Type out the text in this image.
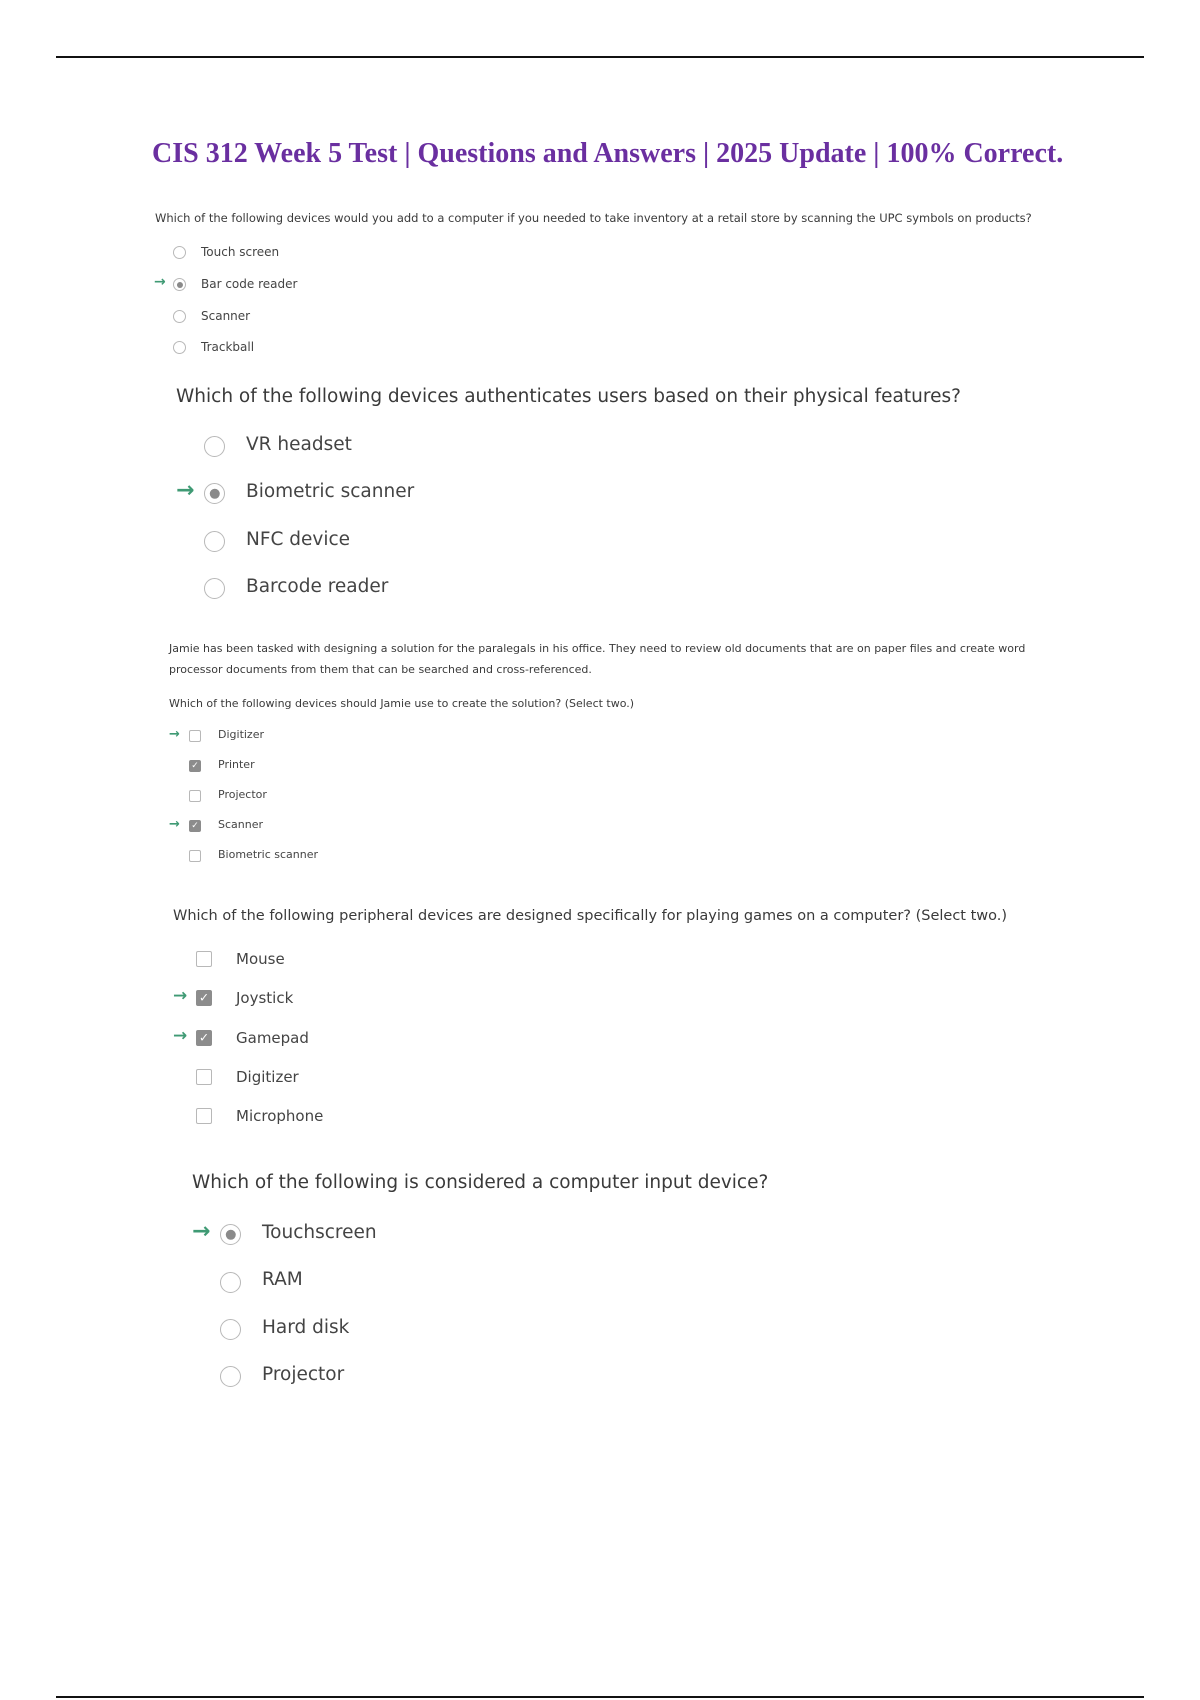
CIS 312 Week 5 Test | Questions and Answers | 2025 Update | 100% Correct.
Which of the following devices would you add to a computer if you needed to take inventory at a retail store by scanning the UPC symbols on products?
Touch screen
→	Bar code reader
Scanner
Trackball
Which of the following devices authenticates users based on their physical features?
VR headset
→	Biometric scanner
NFC device
Barcode reader
Jamie has been tasked with designing a solution for the paralegals in his office. They need to review old documents that are on paper files and create word
processor documents from them that can be searched and cross-referenced.
Which of the following devices should Jamie use to create the solution? (Select two.)
→	Digitizer
✓
Printer
Projector
→ ✓	Scanner
Biometric scanner
Which of the following peripheral devices are designed specifically for playing games on a computer? (Select two.)
Mouse
→ ✓	Joystick
→ ✓	Gamepad
Digitizer
Microphone
Which of the following is considered a computer input device?
→	Touchscreen
RAM
Hard disk
Projector
